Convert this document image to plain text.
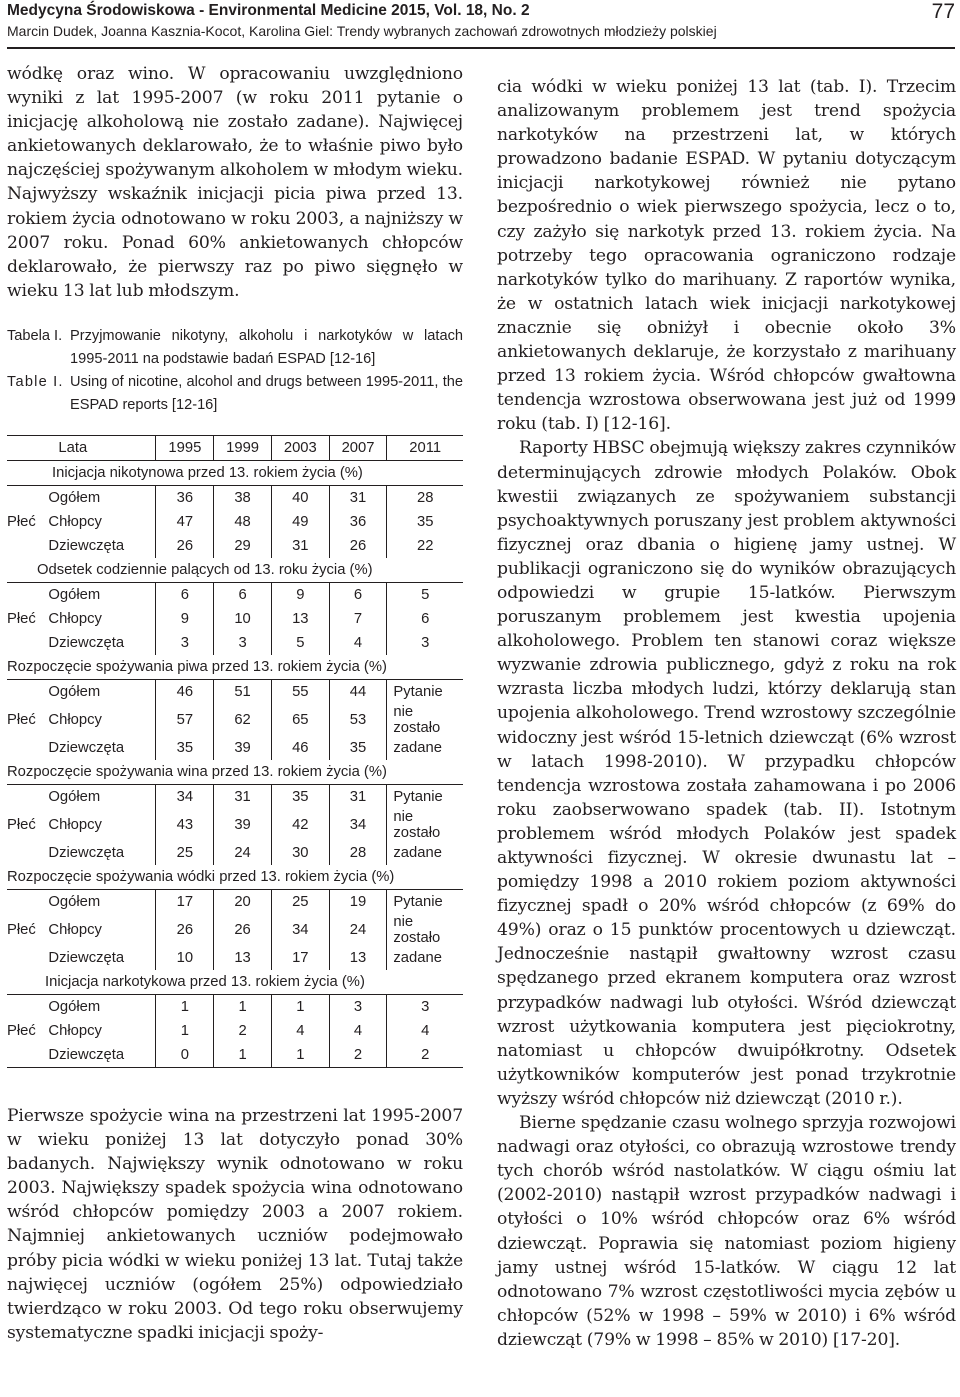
Medycyna Środowiskowa - Environmental Medicine 2015, Vol. 18, No. 2
Marcin Dudek, Joanna Kasznia-Kocot, Karolina Giel: Trendy wybranych zachowań zdrowotnych młodzieży polskiej
77

wódkę oraz wino. W opracowaniu uwzględniono wyniki z lat 1995‑2007 (w roku 2011 pytanie o inicjację alkoholową nie zostało zadane). Najwięcej ankietowanych deklarowało, że to właśnie piwo było najczęściej spożywanym alkoholem w młodym wieku. Najwyższy wskaźnik inicjacji picia piwa przed 13. rokiem życia odnotowano w roku 2003, a najniższy w 2007 roku. Ponad 60% ankietowanych chłopców deklarowało, że pierwszy raz po piwo sięgnęło w wieku 13 lat lub młodszym.

Tabela I. Przyjmowanie nikotyny, alkoholu i narkotyków w latach 1995‑2011 na podstawie badań ESPAD [12‑16]
Table I. Using of nicotine, alcohol and drugs between 1995‑2011, the ESPAD reports [12‑16]
	Lata	1995	1999	2003	2007	2011
Inicjacja nikotynowa przed 13. rokiem życia (%)						
	Ogółem	36	38	40	31	28
Płeć	Chłopcy	47	48	49	36	35
	Dziewczęta	26	29	31	26	22
Odsetek codziennie palących od 13. roku życia (%)						
	Ogółem	6	6	9	6	5
Płeć	Chłopcy	9	10	13	7	6
	Dziewczęta	3	3	5	4	3
Rozpoczęcie spożywania piwa przed 13. rokiem życia (%)						
	Ogółem	46	51	55	44	Pytanie
Płeć	Chłopcy	57	62	65	53	nie zostało
	Dziewczęta	35	39	46	35	zadane
Rozpoczęcie spożywania wina przed 13. rokiem życia (%)						
	Ogółem	34	31	35	31	Pytanie
Płeć	Chłopcy	43	39	42	34	nie zostało
	Dziewczęta	25	24	30	28	zadane
Rozpoczęcie spożywania wódki przed 13. rokiem życia (%)						
	Ogółem	17	20	25	19	Pytanie
Płeć	Chłopcy	26	26	34	24	nie zostało
	Dziewczęta	10	13	17	13	zadane
Inicjacja narkotykowa przed 13. rokiem życia (%)						
	Ogółem	1	1	1	3	3
Płeć	Chłopcy	1	2	4	4	4
	Dziewczęta	0	1	1	2	2

Pierwsze spożycie wina na przestrzeni lat 1995‑2007 w wieku poniżej 13 lat dotyczyło ponad 30% badanych. Największy wynik odnotowano w roku 2003. Największy spadek spożycia wina odnotowano wśród chłopców pomiędzy 2003 a 2007 rokiem. Najmniej ankietowanych uczniów podejmowało próby picia wódki w wieku poniżej 13 lat. Tutaj także najwięcej uczniów (ogółem 25%) odpowiedziało twierdząco w roku 2003. Od tego roku obserwujemy systematyczne spadki inicjacji spoży-

cia wódki w wieku poniżej 13 lat (tab. I). Trzecim analizowanym problemem jest trend spożycia narkotyków na przestrzeni lat, w których prowadzono badanie ESPAD. W pytaniu dotyczącym inicjacji narkotykowej również nie pytano bezpośrednio o wiek pierwszego spożycia, lecz o to, czy zażyło się narkotyk przed 13. rokiem życia. Na potrzeby tego opracowania ograniczono rodzaje narkotyków tylko do marihuany. Z raportów wynika, że w ostatnich latach wiek inicjacji narkotykowej znacznie się obniżył i obecnie około 3% ankietowanych deklaruje, że korzystało z marihuany przed 13 rokiem życia. Wśród chłopców gwałtowna tendencja wzrostowa obserwowana jest już od 1999 roku (tab. I) [12‑16].

Raporty HBSC obejmują większy zakres czynników determinujących zdrowie młodych Polaków. Obok kwestii związanych ze spożywaniem substancji psychoaktywnych poruszany jest problem aktywności fizycznej oraz dbania o higienę jamy ustnej. W publikacji ograniczono się do wyników obrazujących odpowiedzi w grupie 15‑latków. Pierwszym poruszanym problemem jest kwestia upojenia alkoholowego. Problem ten stanowi coraz większe wyzwanie zdrowia publicznego, gdyż z roku na rok wzrasta liczba młodych ludzi, którzy deklarują stan upojenia alkoholowego. Trend wzrostowy szczególnie widoczny jest wśród 15‑letnich dziewcząt (6% wzrost w latach 1998‑2010). W przypadku chłopców tendencja wzrostowa została zahamowana i po 2006 roku zaobserwowano spadek (tab. II). Istotnym problemem wśród młodych Polaków jest spadek aktywności fizycznej. W okresie dwunastu lat – pomiędzy 1998 a 2010 rokiem poziom aktywności fizycznej spadł o 20% wśród chłopców (z 69% do 49%) oraz o 15 punktów procentowych u dziewcząt. Jednocześnie nastąpił gwałtowny wzrost czasu spędzanego przed ekranem komputera oraz wzrost przypadków nadwagi lub otyłości. Wśród dziewcząt wzrost użytkowania komputera jest pięciokrotny, natomiast u chłopców dwuipółkrotny. Odsetek użytkowników komputerów jest ponad trzykrotnie wyższy wśród chłopców niż dziewcząt (2010 r.).

Bierne spędzanie czasu wolnego sprzyja rozwojowi nadwagi oraz otyłości, co obrazują wzrostowe trendy tych chorób wśród nastolatków. W ciągu ośmiu lat (2002‑2010) nastąpił wzrost przypadków nadwagi i otyłości o 10% wśród chłopców oraz 6% wśród dziewcząt. Poprawia się natomiast poziom higieny jamy ustnej wśród 15‑latków. W ciągu 12 lat odnotowano 7% wzrost częstotliwości mycia zębów u chłopców (52% w 1998 – 59% w 2010) i 6% wśród dziewcząt (79% w 1998 – 85% w 2010) [17‑20].
